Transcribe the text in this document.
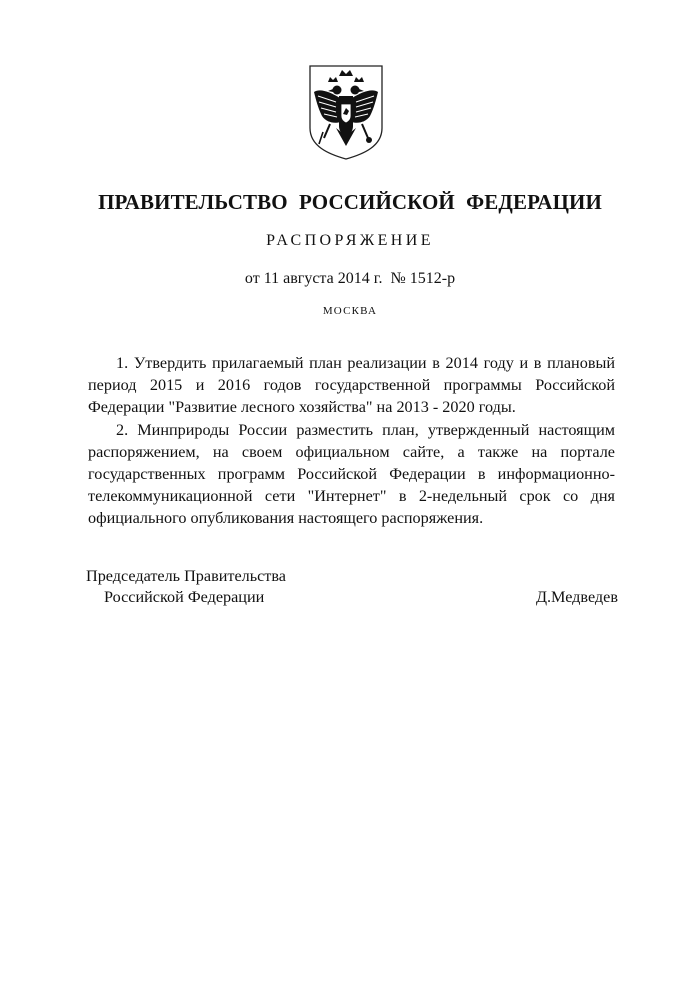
ПРАВИТЕЛЬСТВО РОССИЙСКОЙ ФЕДЕРАЦИИ
РАСПОРЯЖЕНИЕ
от 11 августа 2014 г. № 1512-р
МОСКВА

1. Утвердить прилагаемый план реализации в 2014 году и в плановый период 2015 и 2016 годов государственной программы Российской Федерации "Развитие лесного хозяйства" на 2013 - 2020 годы.

2. Минприроды России разместить план, утвержденный настоящим распоряжением, на своем официальном сайте, а также на портале государственных программ Российской Федерации в информационно-телекоммуникационной сети "Интернет" в 2-недельный срок со дня официального опубликования настоящего распоряжения.

Председатель Правительства
Российской Федерации	Д.Медведев
